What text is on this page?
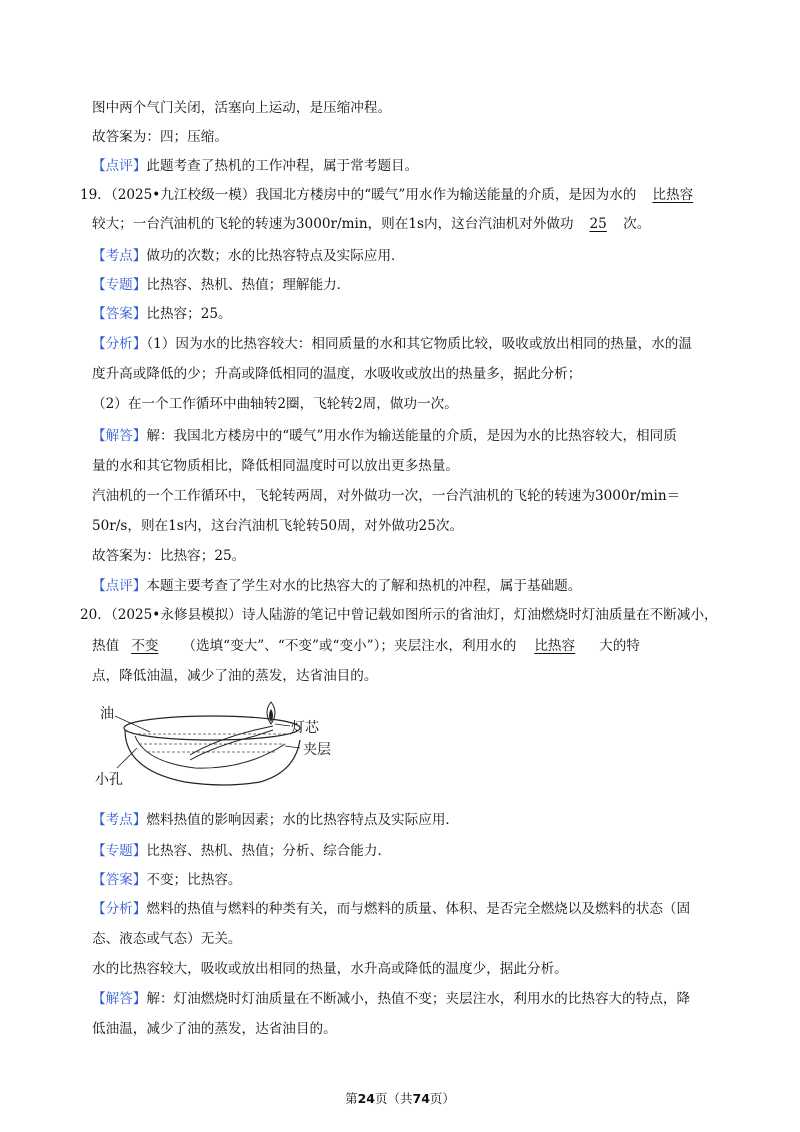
图中两个气门关闭，活塞向上运动，是压缩冲程。
故答案为：四；压缩。
【点评】此题考查了热机的工作冲程，属于常考题目。
19．（2025•九江校级一模）我国北方楼房中的“暖气”用水作为输送能量的介质，是因为水的 比热容
较大；一台汽油机的飞轮的转速为3000r/min，则在1s内，这台汽油机对外做功 25 次。
【考点】做功的次数；水的比热容特点及实际应用．
【专题】比热容、热机、热值；理解能力．
【答案】比热容；25。
【分析】（1）因为水的比热容较大：相同质量的水和其它物质比较，吸收或放出相同的热量，水的温
度升高或降低的少；升高或降低相同的温度，水吸收或放出的热量多，据此分析；
（2）在一个工作循环中曲轴转2圈，飞轮转2周，做功一次。
【解答】解：我国北方楼房中的“暖气”用水作为输送能量的介质，是因为水的比热容较大，相同质
量的水和其它物质相比，降低相同温度时可以放出更多热量。
汽油机的一个工作循环中，飞轮转两周，对外做功一次，一台汽油机的飞轮的转速为3000r/min＝
50r/s，则在1s内，这台汽油机飞轮转50周，对外做功25次。
故答案为：比热容；25。
【点评】本题主要考查了学生对水的比热容大的了解和热机的冲程，属于基础题。
20．（2025•永修县模拟）诗人陆游的笔记中曾记载如图所示的省油灯，灯油燃烧时灯油质量在不断减小，
热值 不变 （选填“变大”、“不变”或“变小”）；夹层注水，利用水的 比热容 大的特
点，降低油温，减少了油的蒸发，达省油目的。
油
灯芯
夹层
小孔
【考点】燃料热值的影响因素；水的比热容特点及实际应用．
【专题】比热容、热机、热值；分析、综合能力．
【答案】不变；比热容。
【分析】燃料的热值与燃料的种类有关，而与燃料的质量、体积、是否完全燃烧以及燃料的状态（固
态、液态或气态）无关。
水的比热容较大，吸收或放出相同的热量，水升高或降低的温度少，据此分析。
【解答】解：灯油燃烧时灯油质量在不断减小，热值不变；夹层注水，利用水的比热容大的特点，降
低油温，减少了油的蒸发，达省油目的。
第24页（共74页）
